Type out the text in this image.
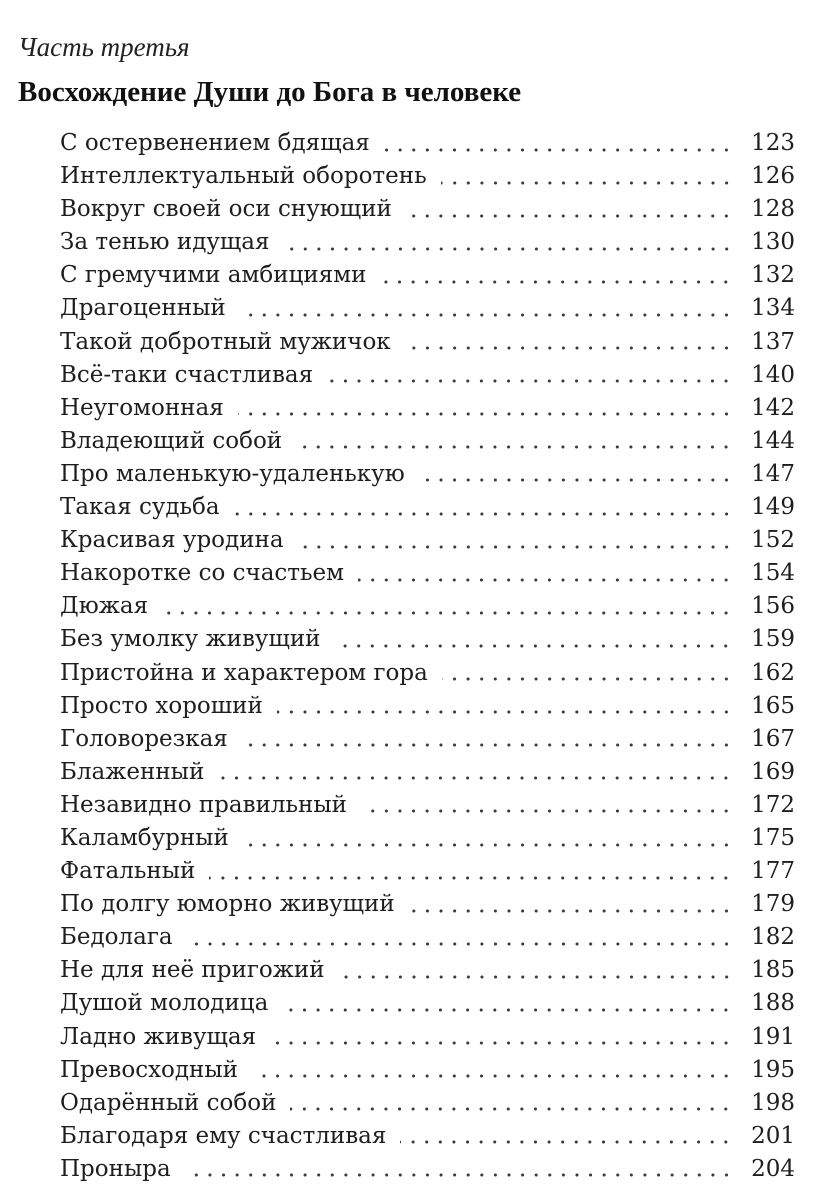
Часть третья
Восхождение Души до Бога в человеке
С остервенением бдящая	123
Интеллектуальный оборотень	126
Вокруг своей оси снующий	128
За тенью идущая	130
С гремучими амбициями	132
Драгоценный	134
Такой добротный мужичок	137
Всё-таки счастливая	140
Неугомонная	142
Владеющий собой	144
Про маленькую-удаленькую	147
Такая судьба	149
Красивая уродина	152
Накоротке со счастьем	154
Дюжая	156
Без умолку живущий	159
Пристойна и характером гора	162
Просто хороший	165
Головорезкая	167
Блаженный	169
Незавидно правильный	172
Каламбурный	175
Фатальный	177
По долгу юморно живущий	179
Бедолага	182
Не для неё пригожий	185
Душой молодица	188
Ладно живущая	191
Превосходный	195
Одарённый собой	198
Благодаря ему счастливая	201
Пронырa	204
